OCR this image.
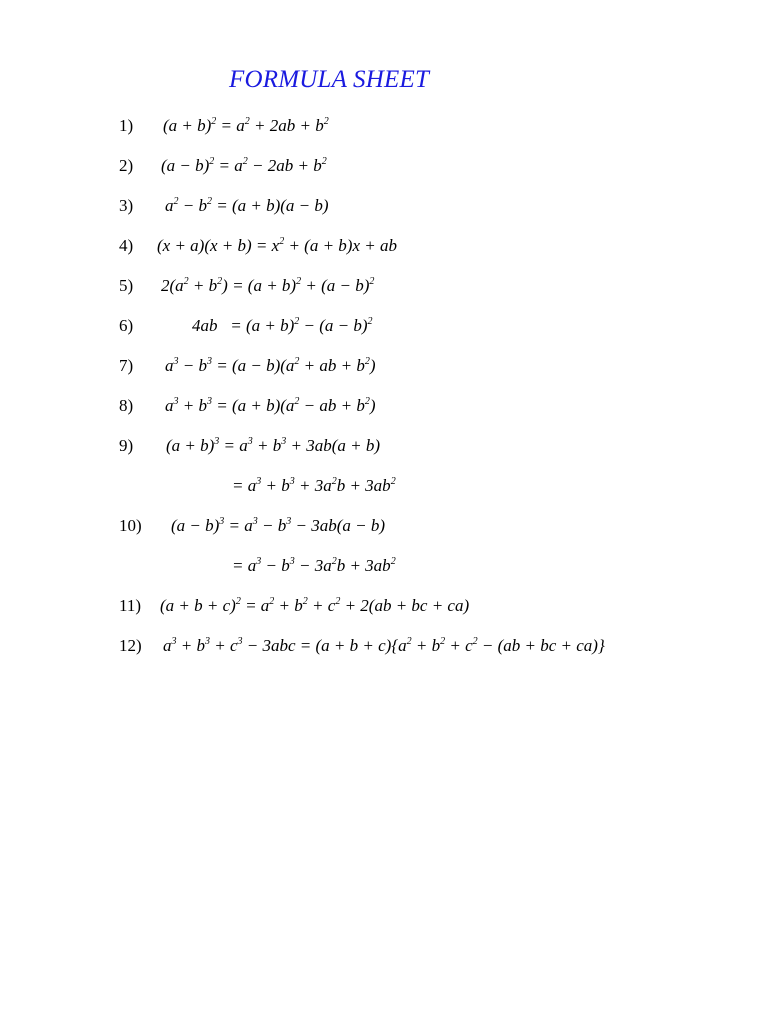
FORMULA SHEET
1) $(a + b)^2 = a^2 + 2ab + b^2$
2) $(a - b)^2 = a^2 - 2ab + b^2$
3) $a^2 - b^2 = (a + b)(a - b)$
4) $(x + a)(x + b) = x^2 + (a + b)x$ + ab
5) $2(a^2 + b^2) = (a + b)^2 + (a - b)^2$
6)	$4ab = (a + b)^2 - (a - b)^2$
7) $a^3 - b^3 = (a - b)(a^2$ + ab + $b^2$)
8) $a^3 + b^3 = (a + b)(a^2$ − ab + $b^2$)
9) $(a + b)^3 = a^3 + b^3 + 3ab(a + b)$
= $a^3 + b^3 + 3a^2b + 3ab^2$
10) $(a - b)^3 = a^3 - b^3 - 3ab(a - b)$
= $a^3 - b^3 - 3a^2b + 3ab^2$
11) $(a + b + c)^2 = a^2 + b^2 + c^2 + 2(ab$ + bc + ca)
12) $a^3 + b^3 + c^3 - 3abc = (a + b + c)\{a^2 + b^2 + c^2 - (ab$ + bc + ca)}
